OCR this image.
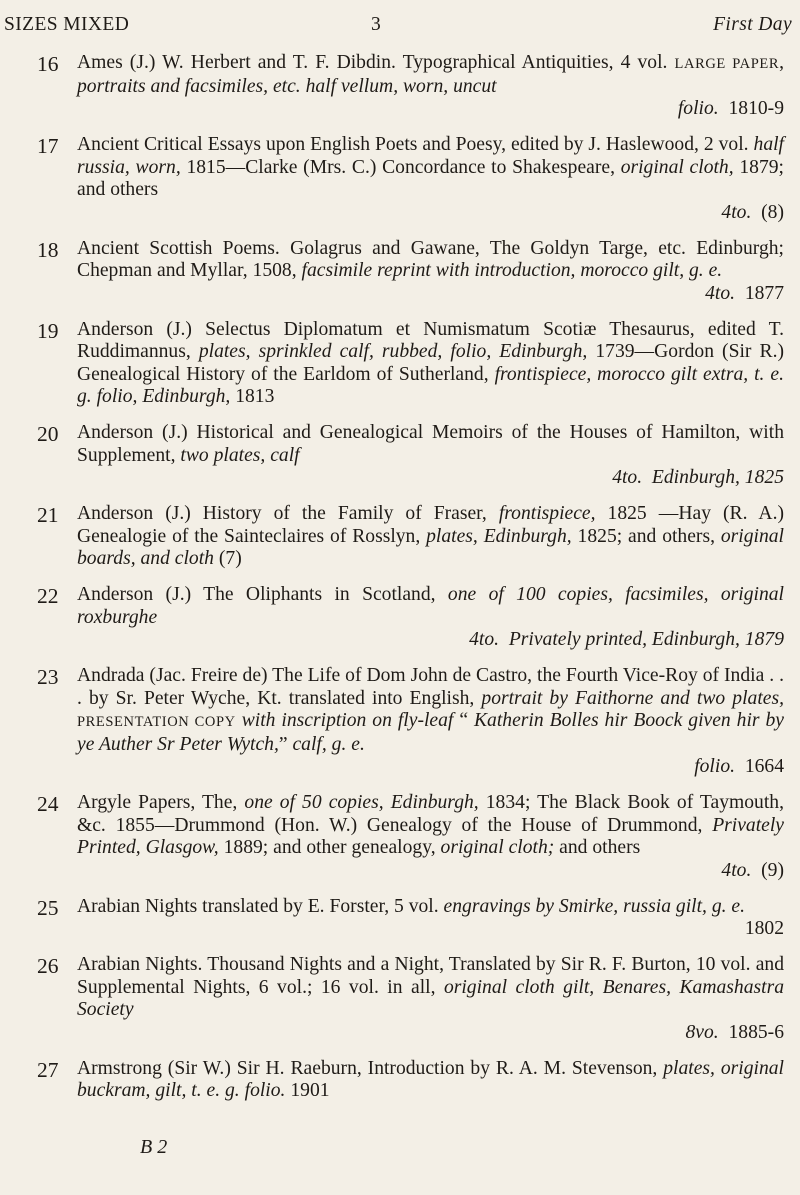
SIZES MIXED	3	First Day
16 Ames (J.) W. Herbert and T. F. Dibdin. Typographical Antiquities, 4 vol. LARGE PAPER, portraits and facsimiles, etc. half vellum, worn, uncut
folio. 1810-9
17 Ancient Critical Essays upon English Poets and Poesy, edited by J. Haslewood, 2 vol. half russia, worn, 1815—Clarke (Mrs. C.) Concordance to Shakespeare, original cloth, 1879; and others
4to. (8)
18 Ancient Scottish Poems. Golagrus and Gawane, The Goldyn Targe, etc. Edinburgh; Chepman and Myllar, 1508, facsimile reprint with introduction, morocco gilt, g. e.
4to. 1877
19 Anderson (J.) Selectus Diplomatum et Numismatum Scotiæ Thesaurus, edited T. Ruddimannus, plates, sprinkled calf, rubbed, folio, Edinburgh, 1739—Gordon (Sir R.) Genealogical History of the Earldom of Sutherland, frontispiece, morocco gilt extra, t. e. g. folio, Edinburgh, 1813
20 Anderson (J.) Historical and Genealogical Memoirs of the Houses of Hamilton, with Supplement, two plates, calf
4to. Edinburgh, 1825
21 Anderson (J.) History of the Family of Fraser, frontispiece, 1825 —Hay (R. A.) Genealogie of the Sainteclaires of Rosslyn, plates, Edinburgh, 1825; and others, original boards, and cloth (7)
22 Anderson (J.) The Oliphants in Scotland, one of 100 copies, facsimiles, original roxburghe
4to. Privately printed, Edinburgh, 1879
23 Andrada (Jac. Freire de) The Life of Dom John de Castro, the Fourth Vice-Roy of India . . . by Sr. Peter Wyche, Kt. translated into English, portrait by Faithorne and two plates, PRESENTATION COPY with inscription on fly-leaf “ Katherin Bolles hir Boock given hir by ye Auther Sr Peter Wytch,” calf, g. e.
folio. 1664
24 Argyle Papers, The, one of 50 copies, Edinburgh, 1834; The Black Book of Taymouth, &c. 1855—Drummond (Hon. W.) Genealogy of the House of Drummond, Privately Printed, Glasgow, 1889; and other genealogy, original cloth; and others
4to. (9)
25 Arabian Nights translated by E. Forster, 5 vol. engravings by Smirke, russia gilt, g. e.
1802
26 Arabian Nights. Thousand Nights and a Night, Translated by Sir R. F. Burton, 10 vol. and Supplemental Nights, 6 vol.; 16 vol. in all, original cloth gilt, Benares, Kamashastra Society
8vo. 1885-6
27 Armstrong (Sir W.) Sir H. Raeburn, Introduction by R. A. M. Stevenson, plates, original buckram, gilt, t. e. g. folio. 1901
B 2
